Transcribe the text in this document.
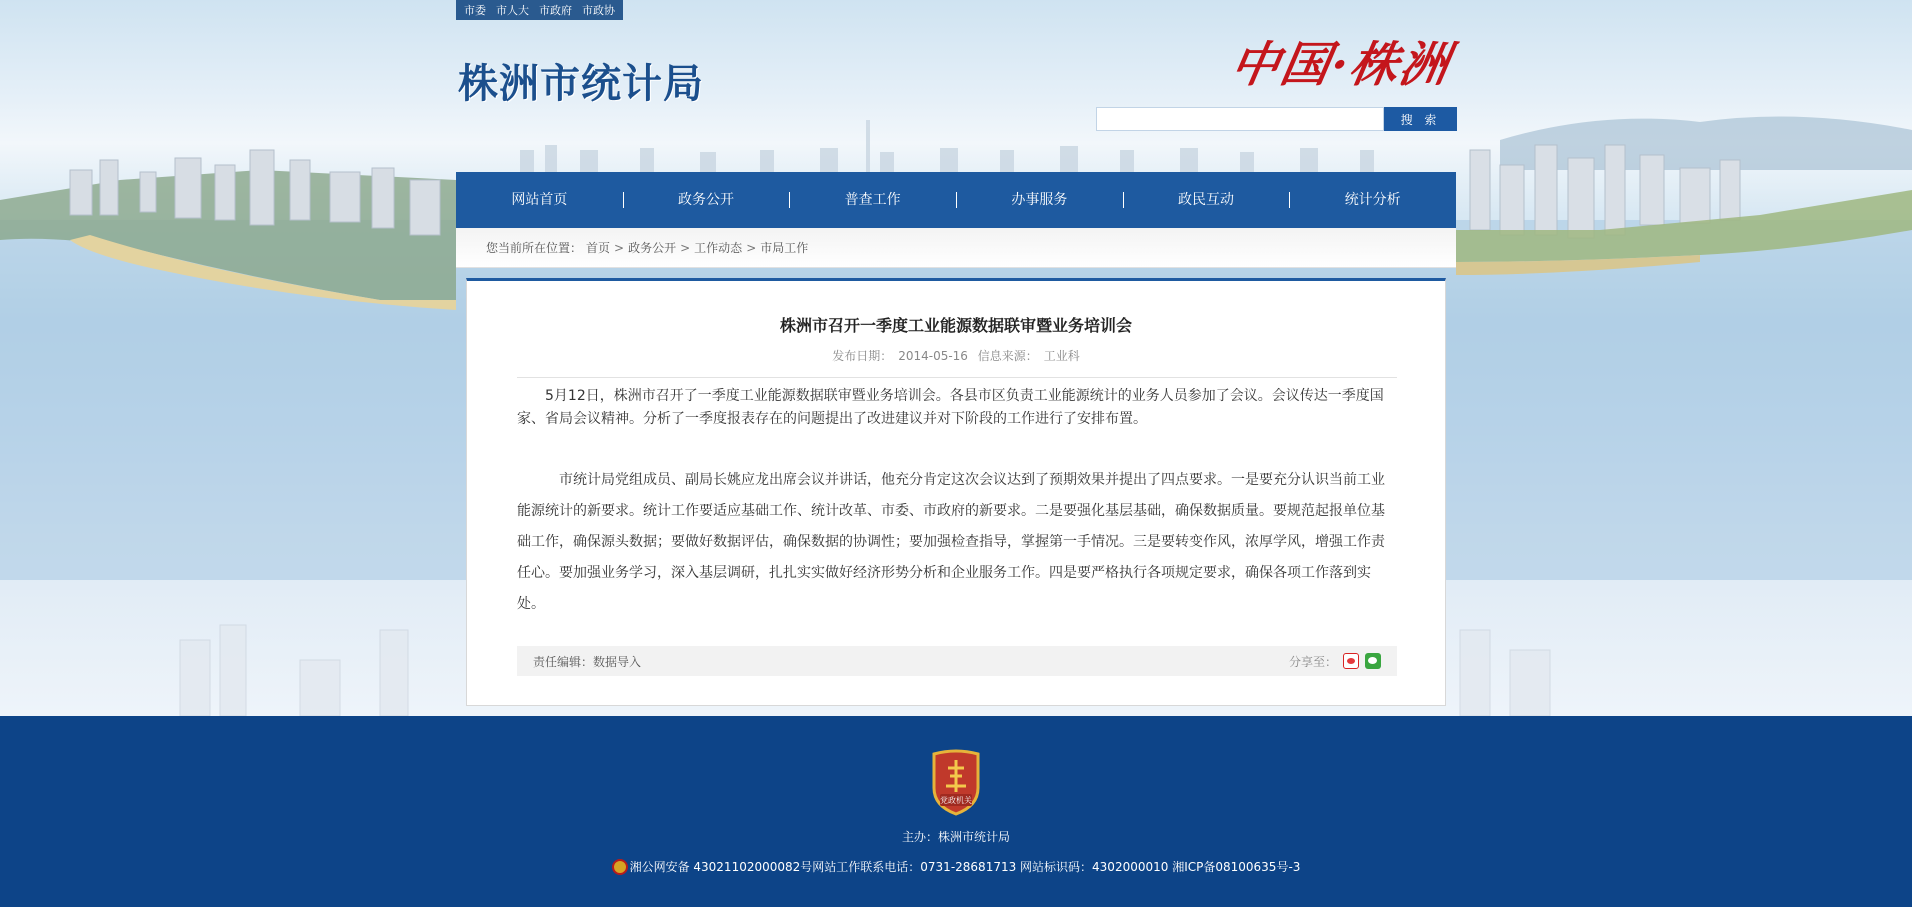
市委 市人大 市政府 市政协
株洲市统计局	中国·株洲
搜 索
网站首页	政务公开	普查工作	办事服务	政民互动	统计分析
您当前所在位置： 首页 > 政务公开 > 工作动态 > 市局工作
株洲市召开一季度工业能源数据联审暨业务培训会
发布日期： 2014-05-16 信息来源： 工业科

5月12日，株洲市召开了一季度工业能源数据联审暨业务培训会。各县市区负责工业能源统计的业务人员参加了会议。会议传达一季度国家、省局会议精神。分析了一季度报表存在的问题提出了改进建议并对下阶段的工作进行了安排布置。

市统计局党组成员、副局长姚应龙出席会议并讲话，他充分肯定这次会议达到了预期效果并提出了四点要求。一是要充分认识当前工业能源统计的新要求。统计工作要适应基础工作、统计改革、市委、市政府的新要求。二是要强化基层基础，确保数据质量。要规范起报单位基础工作，确保源头数据；要做好数据评估，确保数据的协调性；要加强检查指导，掌握第一手情况。三是要转变作风，浓厚学风，增强工作责任心。要加强业务学习，深入基层调研，扎扎实实做好经济形势分析和企业服务工作。四是要严格执行各项规定要求，确保各项工作落到实处。

责任编辑：数据导入	分享至：
党政机关
主办：株洲市统计局
湘公网安备 43021102000082号网站工作联系电话：0731-28681713 网站标识码：4302000010 湘ICP备08100635号-3
